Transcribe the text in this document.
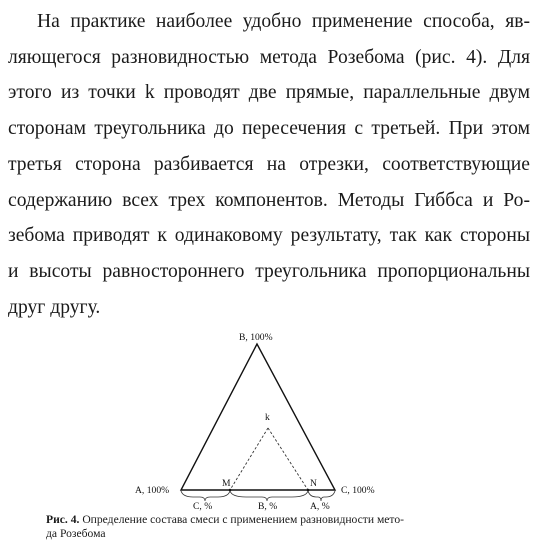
На практике наиболее удобно применение способа, яв-
ляющегося разновидностью метода Розебома (рис. 4). Для
этого из точки k проводят две прямые, параллельные двум
сторонам треугольника до пересечения с третьей. При этом
третья сторона разбивается на отрезки, соответствующие
содержанию всех трех компонентов. Методы Гиббса и Ро-
зебома приводят к одинаковому результату, так как стороны
и высоты равностороннего треугольника пропорциональны
друг другу.

B, 100%
A, 100%	C, 100%
k
M	N
C, %	B, %	A, %

Рис. 4. Определение состава смеси с применением разновидности мето-
да Розебома
